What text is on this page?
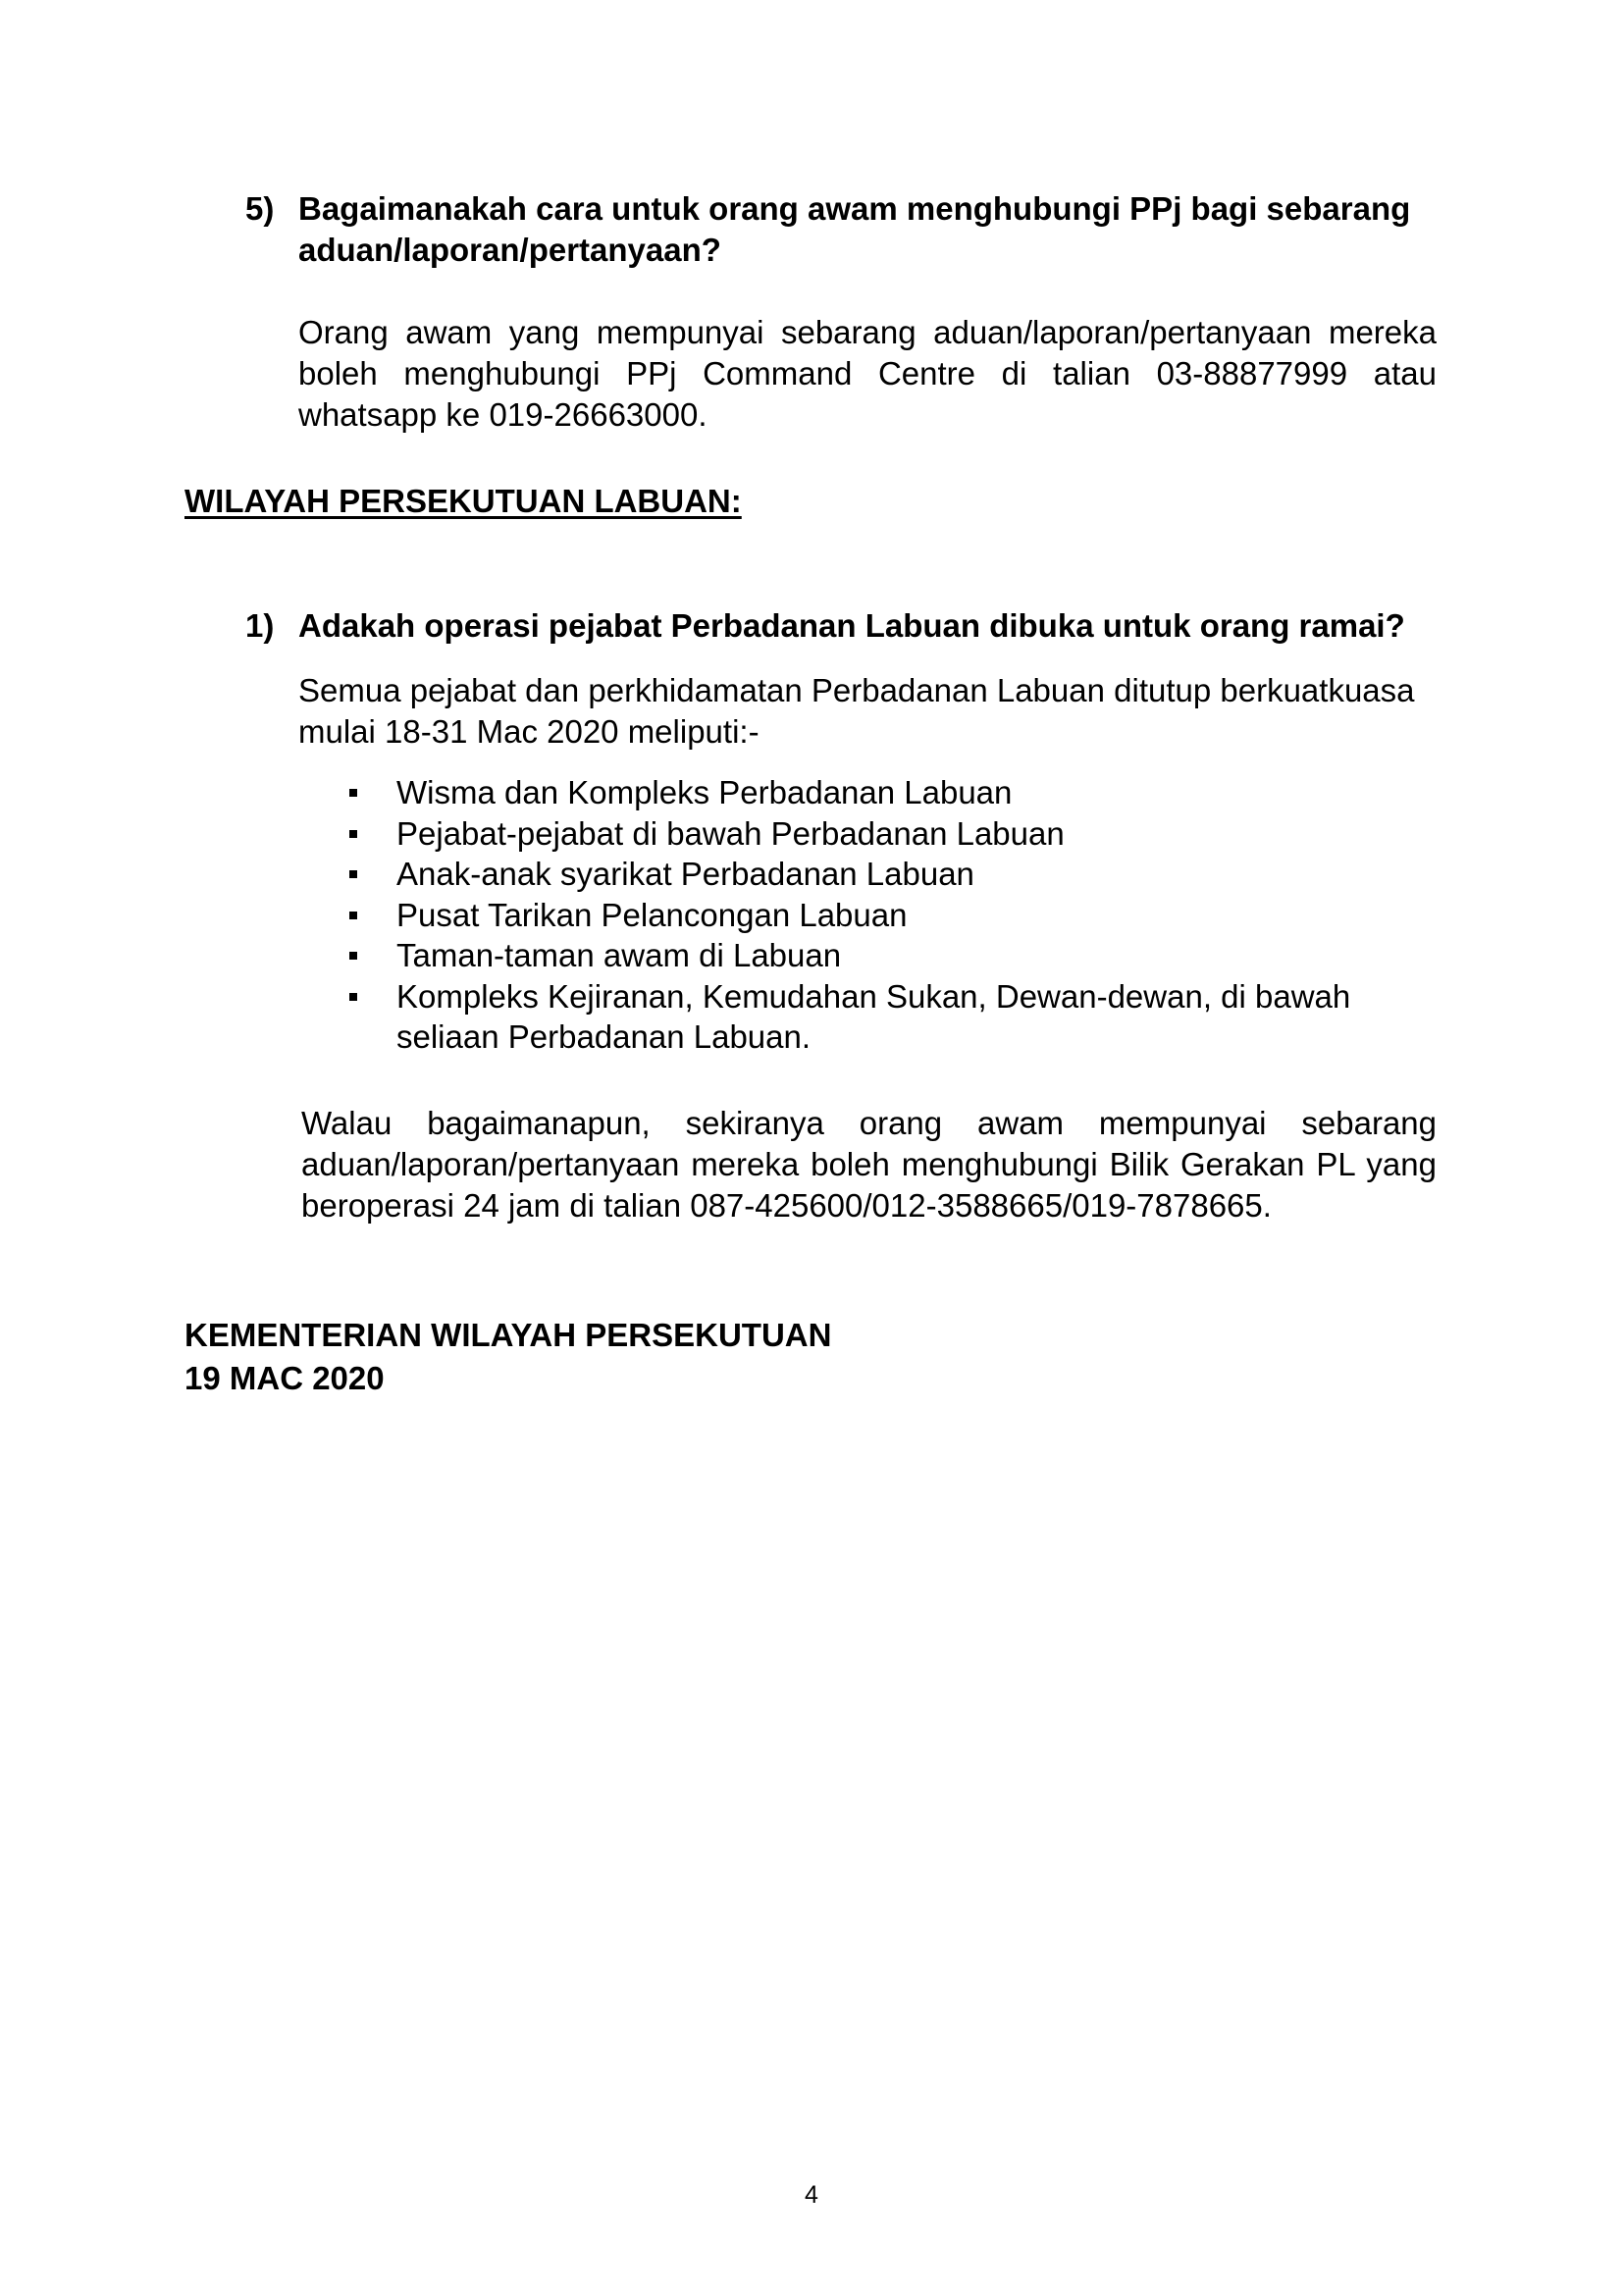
5) Bagaimanakah cara untuk orang awam menghubungi PPj bagi sebarang aduan/laporan/pertanyaan?
Orang awam yang mempunyai sebarang aduan/laporan/pertanyaan mereka boleh menghubungi PPj Command Centre di talian 03-88877999 atau whatsapp ke 019-26663000.
WILAYAH PERSEKUTUAN LABUAN:
1) Adakah operasi pejabat Perbadanan Labuan dibuka untuk orang ramai?
Semua pejabat dan perkhidamatan Perbadanan Labuan ditutup berkuatkuasa mulai 18-31 Mac 2020 meliputi:-
Wisma dan Kompleks Perbadanan Labuan
Pejabat-pejabat di bawah Perbadanan Labuan
Anak-anak syarikat Perbadanan Labuan
Pusat Tarikan Pelancongan Labuan
Taman-taman awam di Labuan
Kompleks Kejiranan, Kemudahan Sukan, Dewan-dewan, di bawah seliaan Perbadanan Labuan.
Walau bagaimanapun, sekiranya orang awam mempunyai sebarang aduan/laporan/pertanyaan mereka boleh menghubungi Bilik Gerakan PL yang beroperasi 24 jam di talian 087-425600/012-3588665/019-7878665.
KEMENTERIAN WILAYAH PERSEKUTUAN
19 MAC 2020
4
